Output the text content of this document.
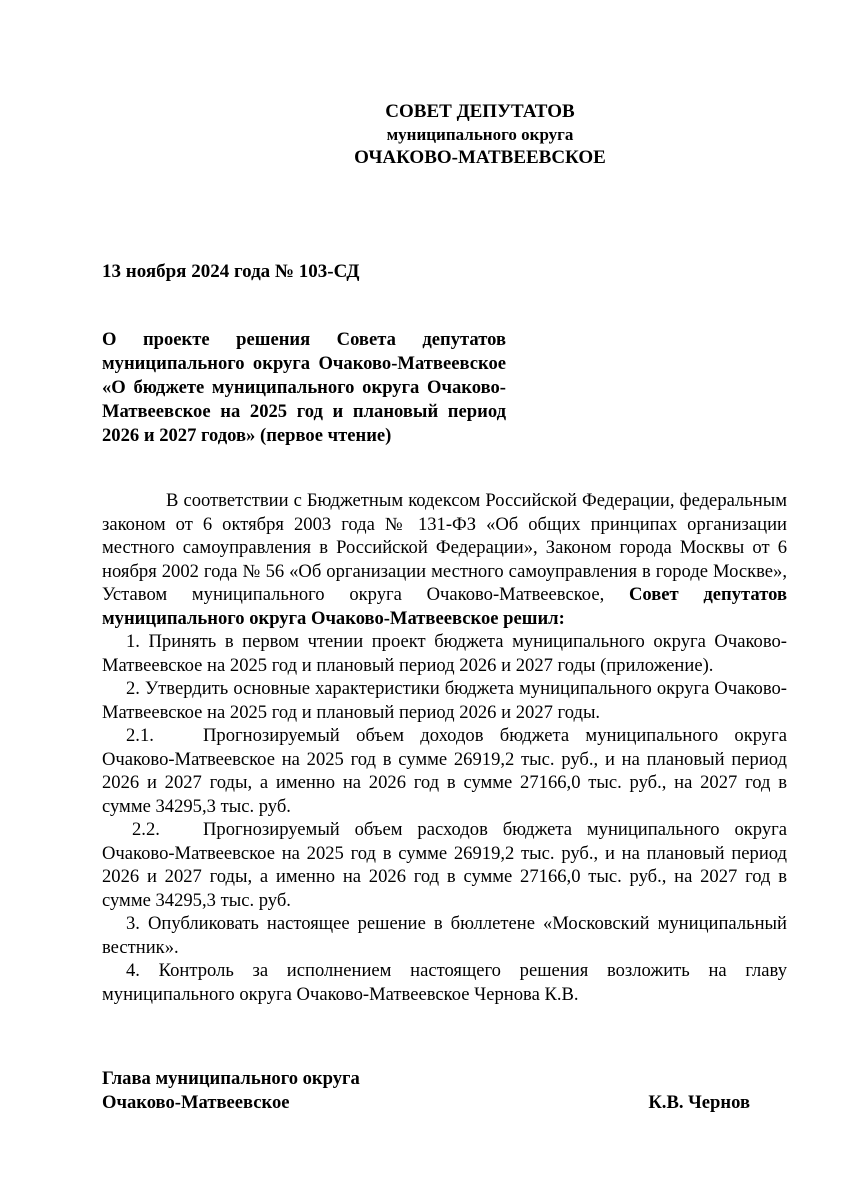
СОВЕТ ДЕПУТАТОВ
муниципального округа
ОЧАКОВО-МАТВЕЕВСКОЕ
13 ноября 2024 года № 103-СД
О проекте решения Совета депутатов муниципального округа Очаково-Матвеевское «О бюджете муниципального округа Очаково-Матвеевское на 2025 год и плановый период 2026 и 2027 годов» (первое чтение)

В соответствии с Бюджетным кодексом Российской Федерации, федеральным законом от 6 октября 2003 года № 131-ФЗ «Об общих принципах организации местного самоуправления в Российской Федерации», Законом города Москвы от 6 ноября 2002 года № 56 «Об организации местного самоуправления в городе Москве», Уставом муниципального округа Очаково-Матвеевское, Совет депутатов муниципального округа Очаково-Матвеевское решил:

1. Принять в первом чтении проект бюджета муниципального округа Очаково-Матвеевское на 2025 год и плановый период 2026 и 2027 годы (приложение).

2. Утвердить основные характеристики бюджета муниципального округа Очаково-Матвеевское на 2025 год и плановый период 2026 и 2027 годы.

2.1.	Прогнозируемый объем доходов бюджета муниципального округа Очаково-Матвеевское на 2025 год в сумме 26919,2 тыс. руб., и на плановый период 2026 и 2027 годы, а именно на 2026 год в сумме 27166,0 тыс. руб., на 2027 год в сумме 34295,3 тыс. руб.

2.2. Прогнозируемый объем расходов бюджета муниципального округа Очаково-Матвеевское на 2025 год в сумме 26919,2 тыс. руб., и на плановый период 2026 и 2027 годы, а именно на 2026 год в сумме 27166,0 тыс. руб., на 2027 год в сумме 34295,3 тыс. руб.

3. Опубликовать настоящее решение в бюллетене «Московский муниципальный вестник».

4. Контроль за исполнением настоящего решения возложить на главу муниципального округа Очаково-Матвеевское Чернова К.В.

Глава муниципального округа
Очаково-Матвеевское	К.В. Чернов
